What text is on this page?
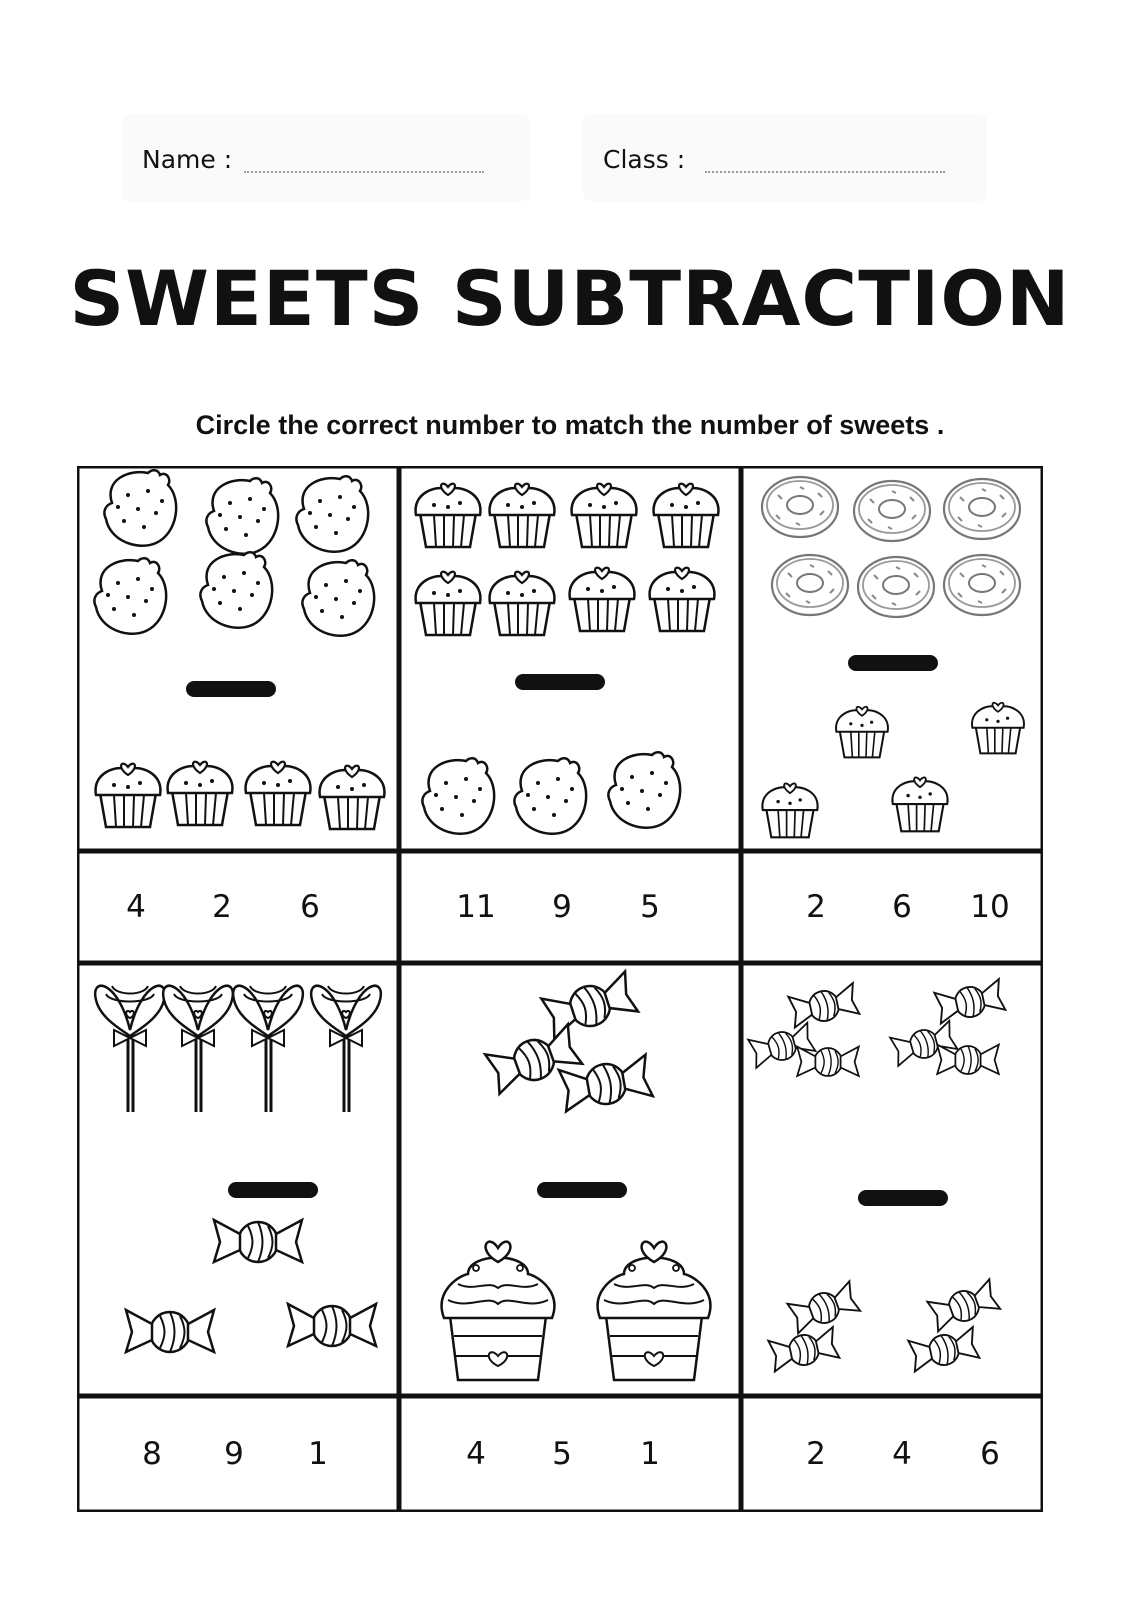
Name :	Class :
SWEETS SUBTRACTION
Circle the correct number to match the number of sweets .
4 2 6	11 9 5	2 6 10
8 9 1	4 5 1	2 4 6
